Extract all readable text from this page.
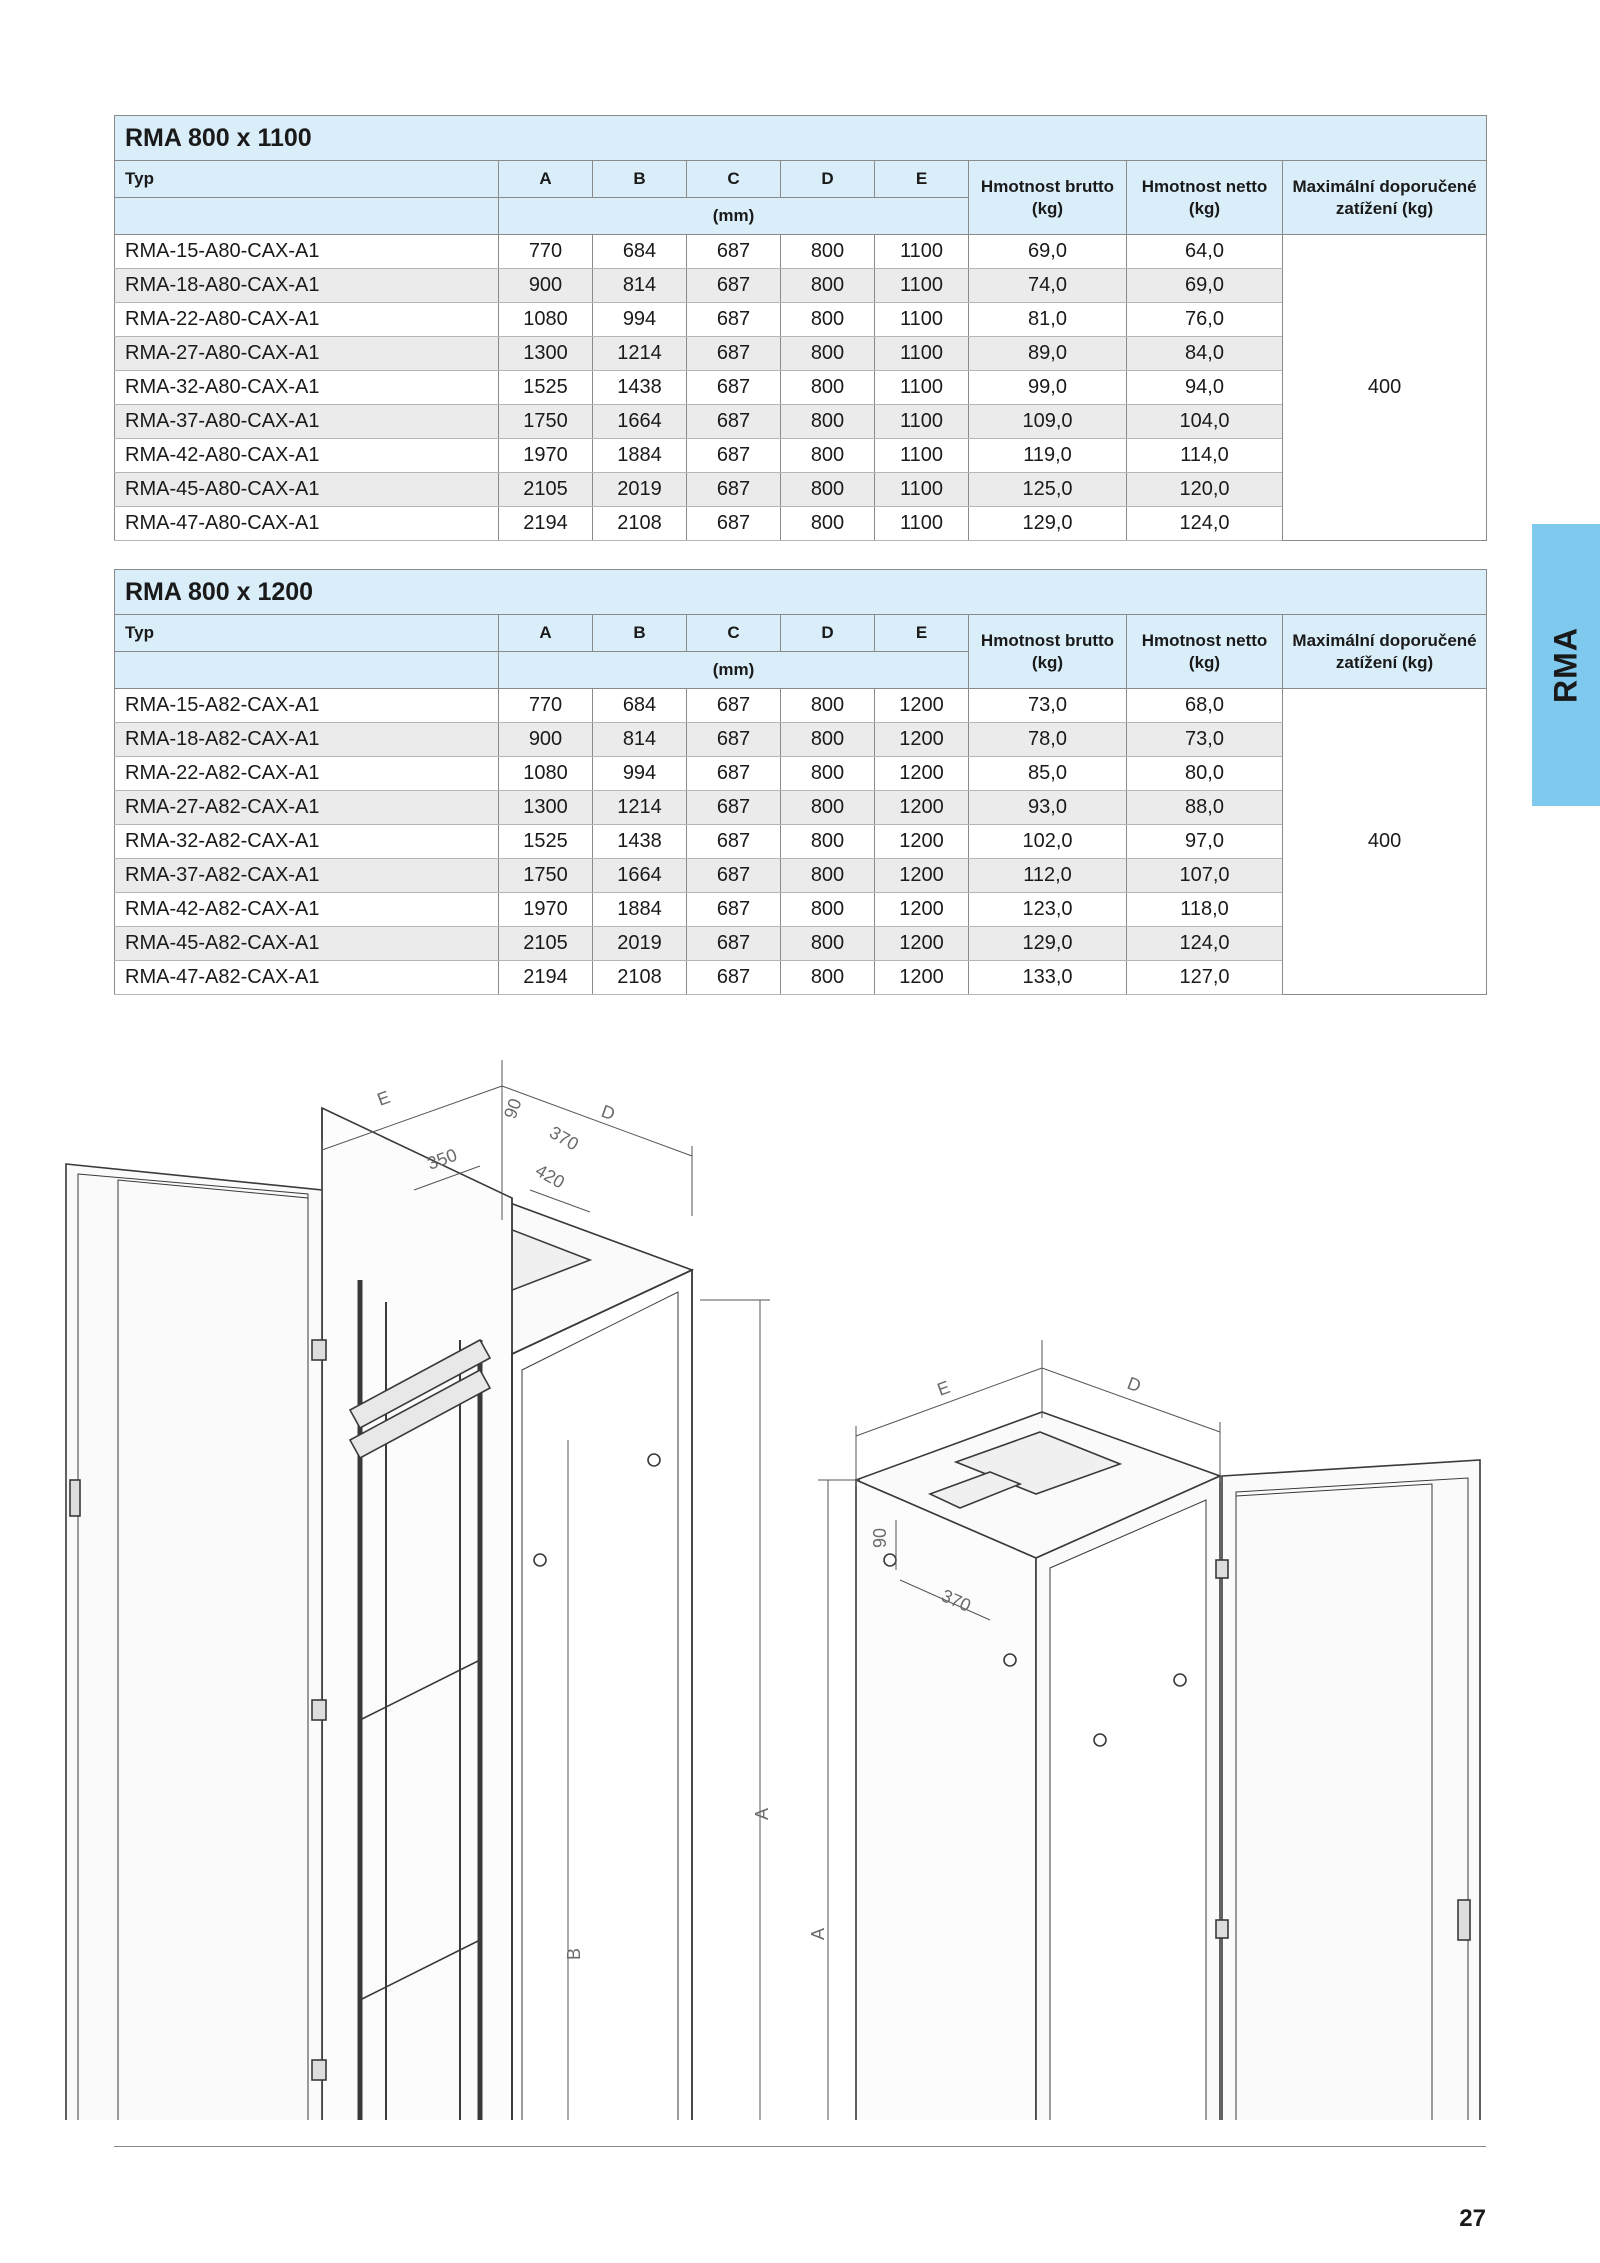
RMA 800 x 1100								
Typ	A	B	C	D	E	Hmotnost brutto (kg)	Hmotnost netto (kg)	Maximální doporučené zatížení (kg)
	(mm)							
RMA-15-A80-CAX-A1	770	684	687	800	1100	69,0	64,0	400
RMA-18-A80-CAX-A1	900	814	687	800	1100	74,0	69,0	
RMA-22-A80-CAX-A1	1080	994	687	800	1100	81,0	76,0	
RMA-27-A80-CAX-A1	1300	1214	687	800	1100	89,0	84,0	
RMA-32-A80-CAX-A1	1525	1438	687	800	1100	99,0	94,0	
RMA-37-A80-CAX-A1	1750	1664	687	800	1100	109,0	104,0	
RMA-42-A80-CAX-A1	1970	1884	687	800	1100	119,0	114,0	
RMA-45-A80-CAX-A1	2105	2019	687	800	1100	125,0	120,0	
RMA-47-A80-CAX-A1	2194	2108	687	800	1100	129,0	124,0	
RMA 800 x 1200								
Typ	A	B	C	D	E	Hmotnost brutto (kg)	Hmotnost netto (kg)	Maximální doporučené zatížení (kg)
	(mm)							
RMA-15-A82-CAX-A1	770	684	687	800	1200	73,0	68,0	400
RMA-18-A82-CAX-A1	900	814	687	800	1200	78,0	73,0	
RMA-22-A82-CAX-A1	1080	994	687	800	1200	85,0	80,0	
RMA-27-A82-CAX-A1	1300	1214	687	800	1200	93,0	88,0	
RMA-32-A82-CAX-A1	1525	1438	687	800	1200	102,0	97,0	
RMA-37-A82-CAX-A1	1750	1664	687	800	1200	112,0	107,0	
RMA-42-A82-CAX-A1	1970	1884	687	800	1200	123,0	118,0	
RMA-45-A82-CAX-A1	2105	2019	687	800	1200	129,0	124,0	
RMA-47-A82-CAX-A1	2194	2108	687	800	1200	133,0	127,0	
RMA
E
D
350
90
370
420
A
B
E	D
A
90
370
27
